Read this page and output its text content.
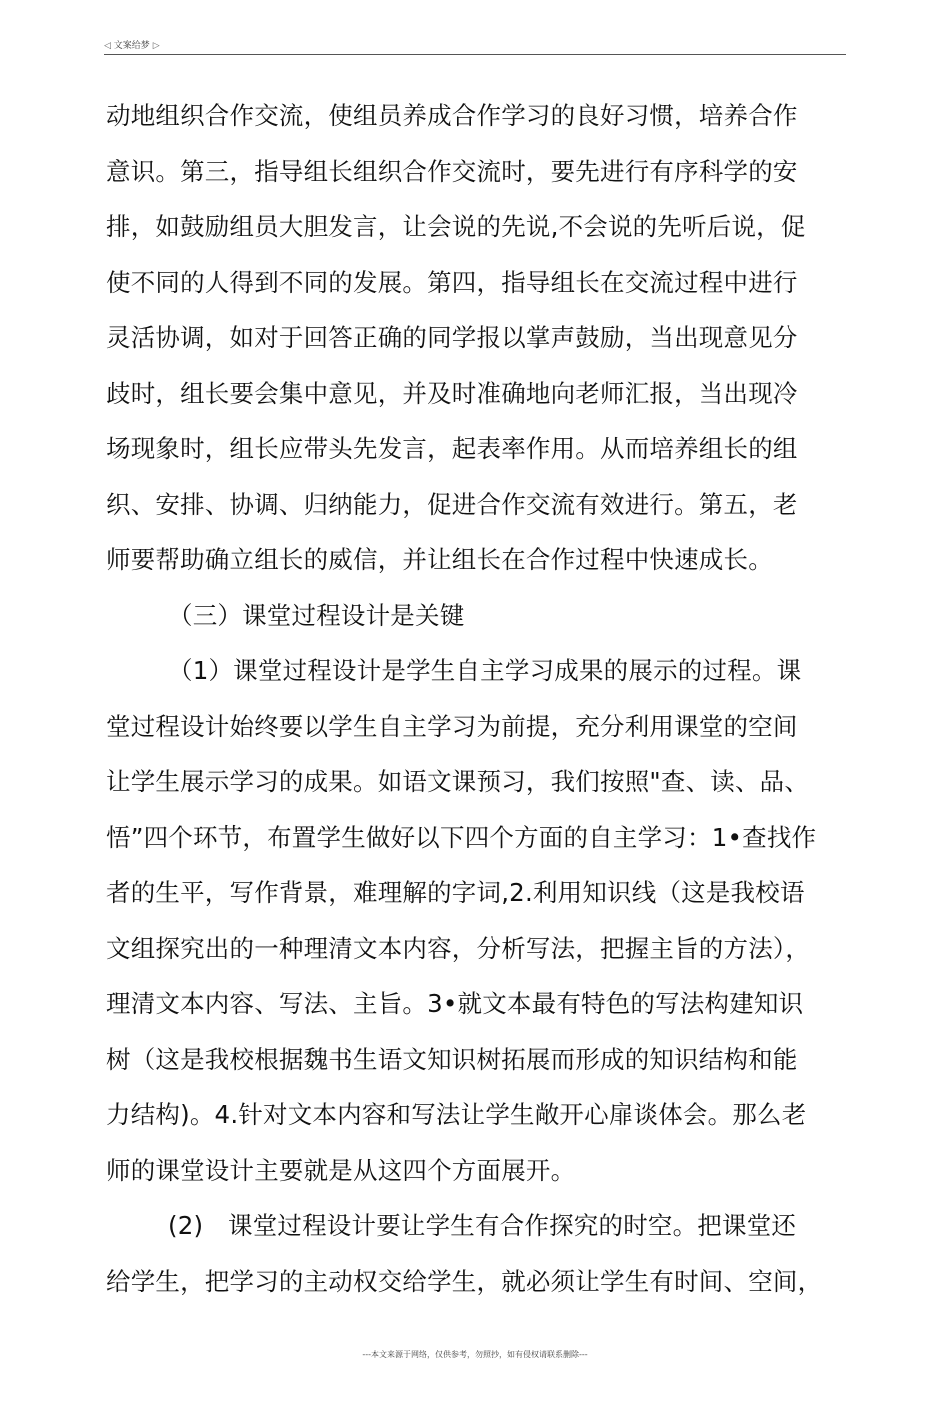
◁ 文案给梦 ▷
动地组织合作交流，使组员养成合作学习的良好习惯，培养合作
意识。第三，指导组长组织合作交流时，要先进行有序科学的安
排，如鼓励组员大胆发言，让会说的先说,不会说的先听后说，促
使不同的人得到不同的发展。第四，指导组长在交流过程中进行
灵活协调，如对于回答正确的同学报以掌声鼓励，当出现意见分
歧时，组长要会集中意见，并及时准确地向老师汇报，当出现冷
场现象时，组长应带头先发言，起表率作用。从而培养组长的组
织、安排、协调、归纳能力，促进合作交流有效进行。第五，老
师要帮助确立组长的威信，并让组长在合作过程中快速成长。
（三）课堂过程设计是关键
（1）课堂过程设计是学生自主学习成果的展示的过程。课
堂过程设计始终要以学生自主学习为前提，充分利用课堂的空间
让学生展示学习的成果。如语文课预习，我们按照"查、读、品、
悟”四个环节，布置学生做好以下四个方面的自主学习：1•查找作
者的生平，写作背景，难理解的字词,2.利用知识线（这是我校语
文组探究出的一种理清文本内容，分析写法，把握主旨的方法），
理清文本内容、写法、主旨。3•就文本最有特色的写法构建知识
树（这是我校根据魏书生语文知识树拓展而形成的知识结构和能
力结构)。4.针对文本内容和写法让学生敞开心扉谈体会。那么老
师的课堂设计主要就是从这四个方面展开。
(2)　课堂过程设计要让学生有合作探究的时空。把课堂还
给学生，把学习的主动权交给学生，就必须让学生有时间、空间，
---本文来源于网络，仅供参考，勿照抄，如有侵权请联系删除---
